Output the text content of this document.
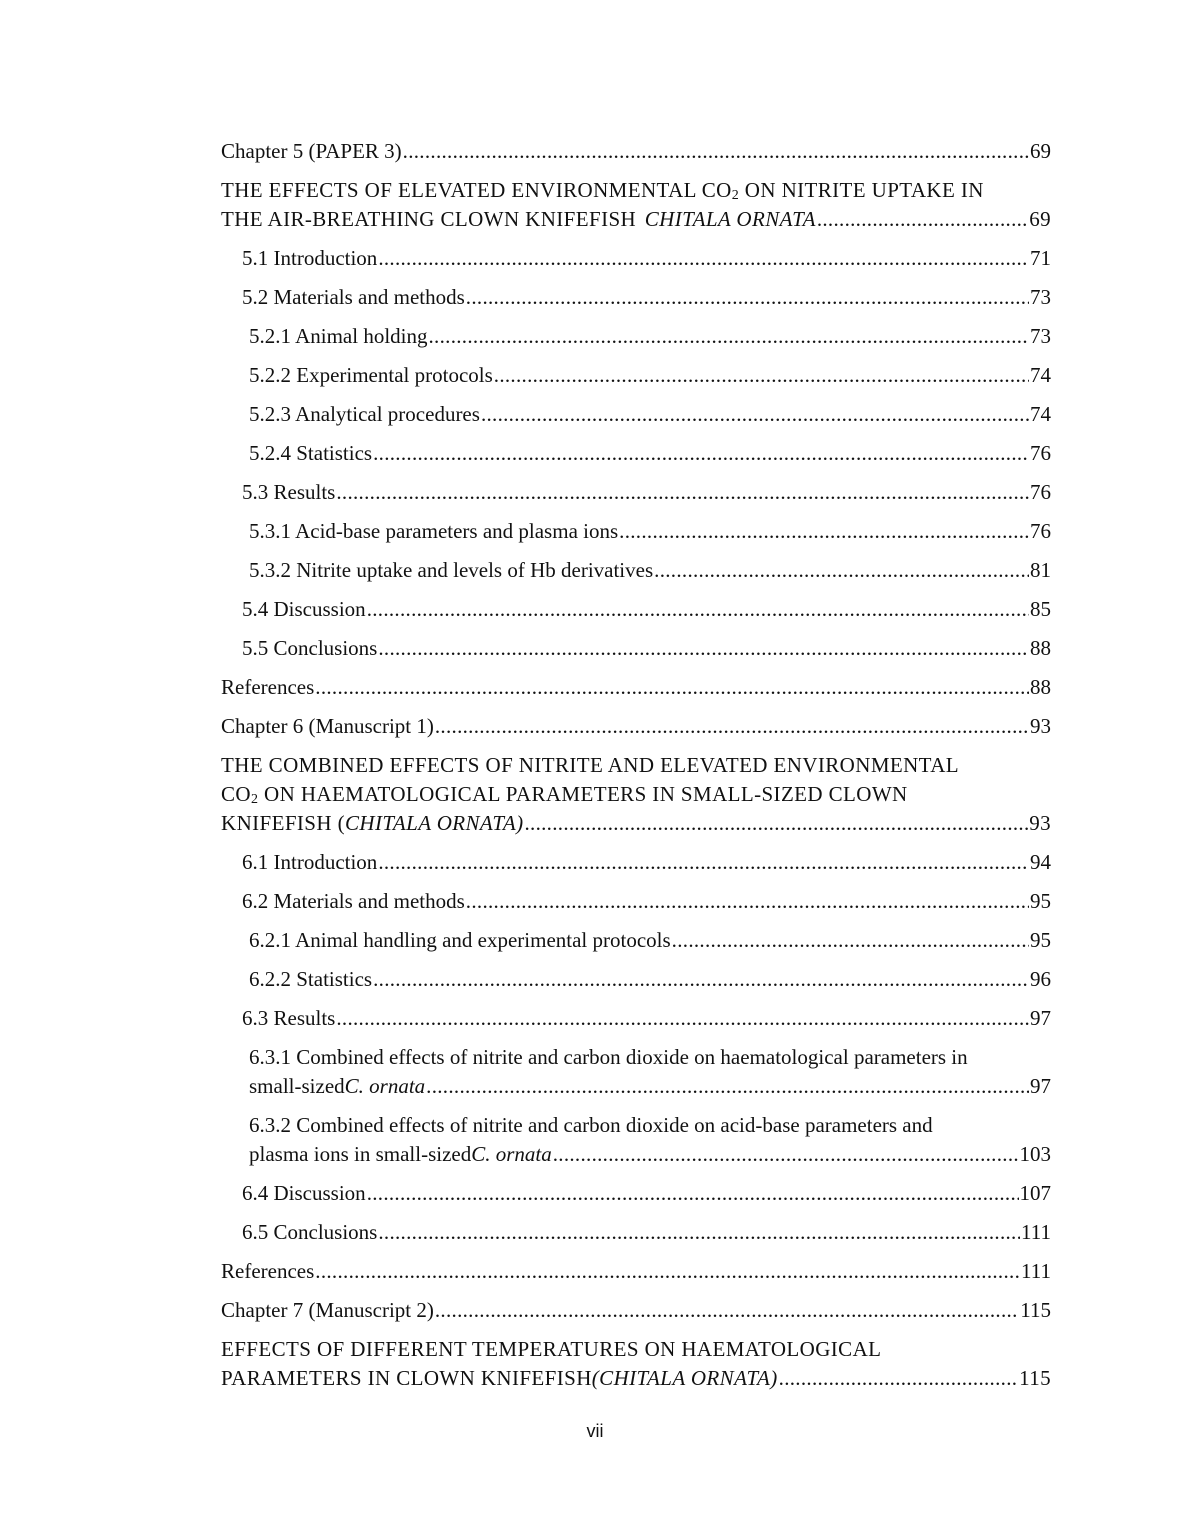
Chapter 5 (PAPER 3) .....	69
THE EFFECTS OF ELEVATED ENVIRONMENTAL $CO_2$ ON NITRITE UPTAKE IN
THE AIR-BREATHING CLOWN KNIFEFISH CHITALA ORNATA .....	69
5.1 Introduction .....	71
5.2 Materials and methods .....	73
5.2.1 Animal holding .....	73
5.2.2 Experimental protocols .....	74
5.2.3 Analytical procedures .....	74
5.2.4 Statistics .....	76
5.3 Results .....	76
5.3.1 Acid-base parameters and plasma ions .....	76
5.3.2 Nitrite uptake and levels of Hb derivatives .....	81
5.4 Discussion .....	85
5.5 Conclusions .....	88
References .....	88
Chapter 6 (Manuscript 1) .....	93
THE COMBINED EFFECTS OF NITRITE AND ELEVATED ENVIRONMENTAL
$CO_2$ ON HAEMATOLOGICAL PARAMETERS IN SMALL-SIZED CLOWN
KNIFEFISH ( CHITALA ORNATA) .....	93
6.1 Introduction .....	94
6.2 Materials and methods .....	95
6.2.1 Animal handling and experimental protocols .....	95
6.2.2 Statistics .....	96
6.3 Results .....	97
6.3.1 Combined effects of nitrite and carbon dioxide on haematological parameters in
small-sized C. ornata .....	97
6.3.2 Combined effects of nitrite and carbon dioxide on acid-base parameters and
plasma ions in small-sized C. ornata .....	103
6.4 Discussion .....	107
6.5 Conclusions .....	111
References .....	111
Chapter 7 (Manuscript 2) .....	115
EFFECTS OF DIFFERENT TEMPERATURES ON HAEMATOLOGICAL
PARAMETERS IN CLOWN KNIFEFISH (CHITALA ORNATA) .....	115
vii
